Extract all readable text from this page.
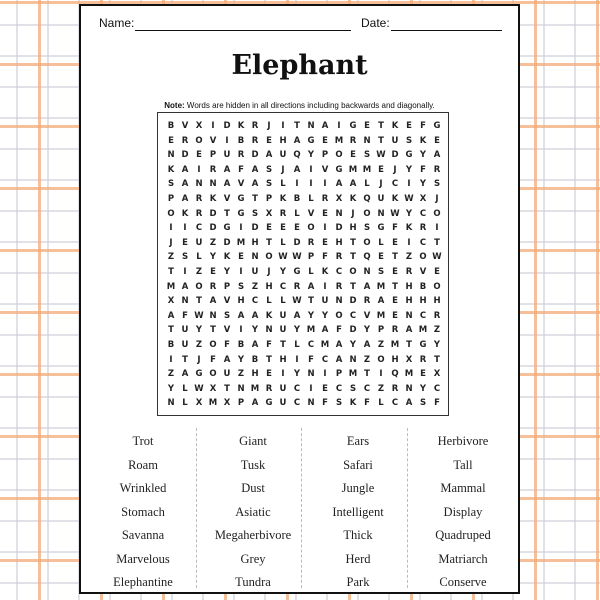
Name:	Date:
Elephant
Note: Words are hidden in all directions including backwards and diagonally.
B V X	I	D K R	J	I	T N A	I	G E T K E F G
E R O V	I	B R E H A G E M R N T U S K E
N D E P U R D A U Q Y P O E S W D G Y A
K A	I	R A F A S	J	A	I	V G M M E	J	Y F R
S A N N A V A S L	I	I	I	A A L	J	C	I	Y S
P A R K V G T P K B L R X K Q U K W X	J
O K R D T G S X R L V E N	J	O N W Y C O
I	I	C D G	I	D E E E O	I	D H S G F K R	I
J	E U Z D M H T L D R E H T O L E	I	C T
Z S L Y K E N O W W P F R T Q E T Z O W
T	I	Z E Y	I	U	J	Y G L K C O N S E R V E
M A O R P S Z H C R A	I	R T A M T H B O
X N T A V H C L	L W T U N D R A E H H H
A F W N S A A K U A Y Y O C V M E N C R
T U Y T V	I	Y N U Y M A F D Y P R A M Z
B U Z O F B A F T L C M A Y A Z M T G Y
I	T	J	F A Y B T H	I	F C A N Z O H X R T
Z A G O U Z H E	I	Y N	I	P M T	I	Q M E X
Y L W X T N M R U C	I	E C S C Z R N Y C
N L X M X P A G U C N F S K F L C A S F
Trot
Roam
Wrinkled
Stomach
Savanna
Marvelous
Elephantine
Giant
Tusk
Dust
Asiatic
Megaherbivore
Grey
Tundra
Ears
Safari
Jungle
Intelligent
Thick
Herd
Park
Herbivore
Tall
Mammal
Display
Quadruped
Matriarch
Conserve
